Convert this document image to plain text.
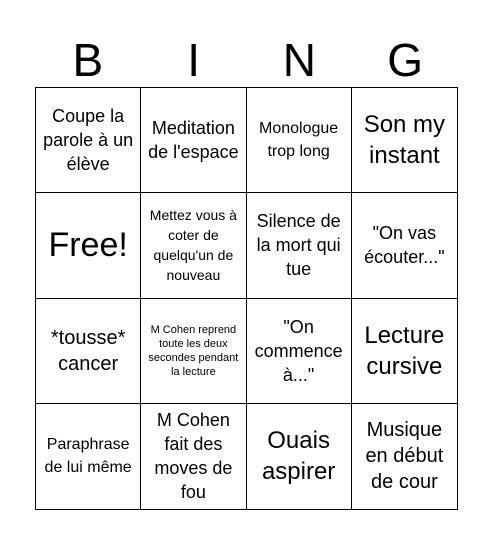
B	I	N	G
Coupe la parole à un élève
Meditation de l'espace
Monologue trop long
Son my instant
Free!
Mettez vous à coter de quelqu'un de nouveau
Silence de la mort qui tue
"On vas écouter..."
*tousse* cancer
M Cohen reprend toute les deux secondes pendant la lecture
"On commence à..."
Lecture cursive
Paraphrase de lui même
M Cohen fait des moves de fou
Ouais aspirer
Musique en début de cour
